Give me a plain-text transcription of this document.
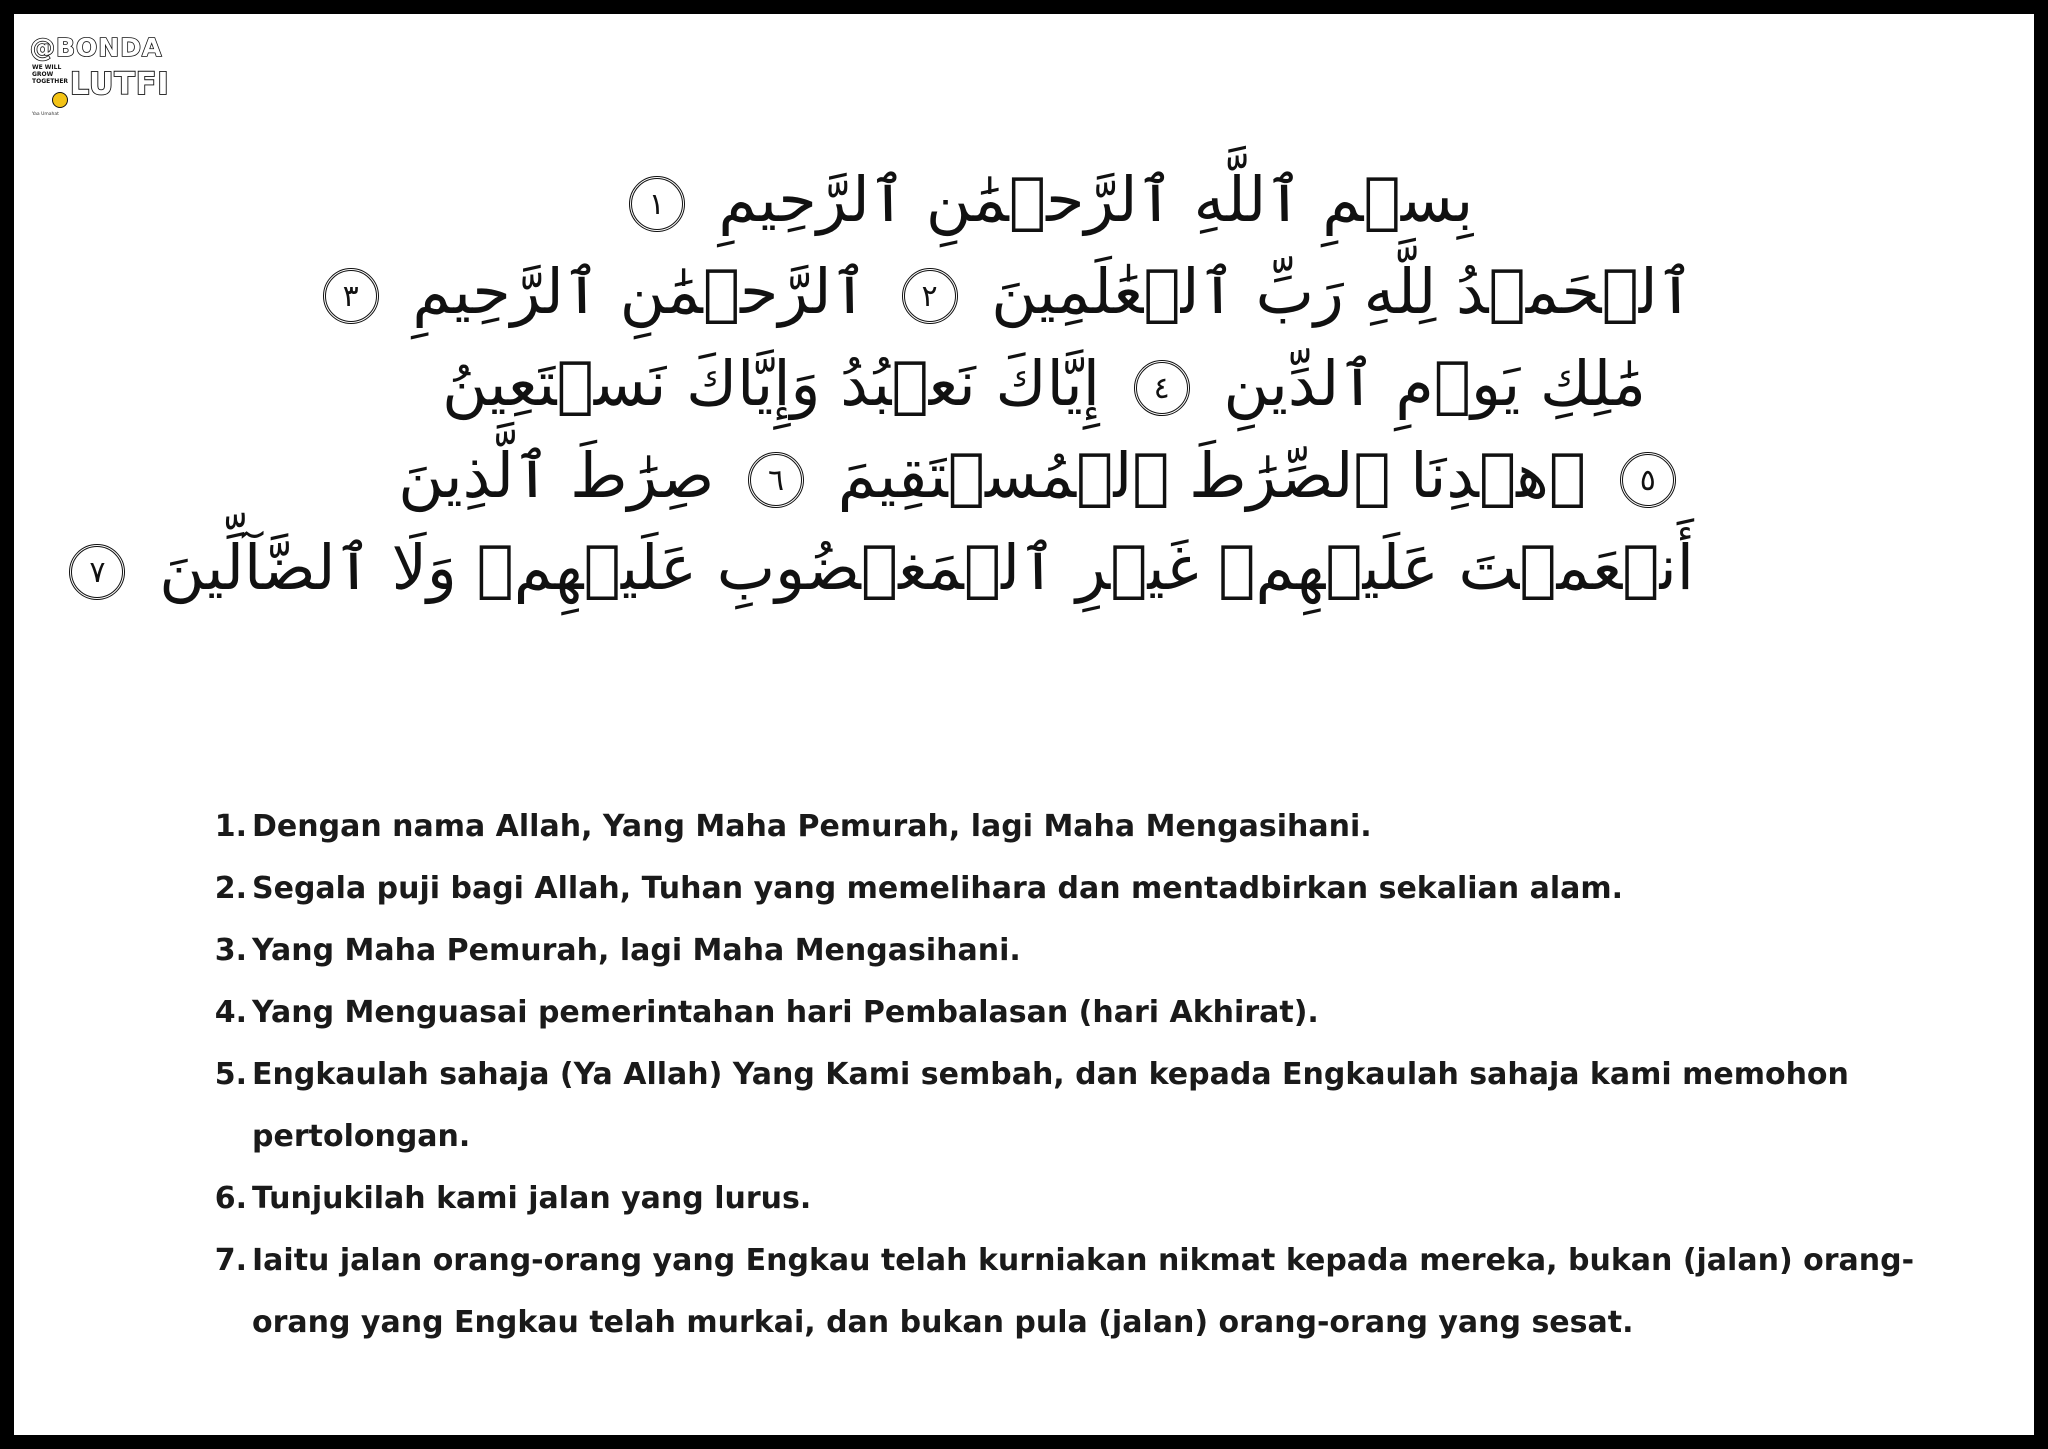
@BONDA
WE WILL GROW TOGETHER LUTFI
Yaa Umahat
بِسۡمِ ٱللَّهِ ٱلرَّحۡمَٰنِ ٱلرَّحِيمِ ١
ٱلۡحَمۡدُ لِلَّهِ رَبِّ ٱلۡعَٰلَمِينَ ٢ ٱلرَّحۡمَٰنِ ٱلرَّحِيمِ ٣
مَٰلِكِ يَوۡمِ ٱلدِّينِ ٤ إِيَّاكَ نَعۡبُدُ وَإِيَّاكَ نَسۡتَعِينُ
٥ ٱهۡدِنَا ٱلصِّرَٰطَ ٱلۡمُسۡتَقِيمَ ٦ صِرَٰطَ ٱلَّذِينَ
أَنۡعَمۡتَ عَلَيۡهِمۡ غَيۡرِ ٱلۡمَغۡضُوبِ عَلَيۡهِمۡ وَلَا ٱلضَّآلِّينَ ٧
1. Dengan nama Allah, Yang Maha Pemurah, lagi Maha Mengasihani.
2. Segala puji bagi Allah, Tuhan yang memelihara dan mentadbirkan sekalian alam.
3. Yang Maha Pemurah, lagi Maha Mengasihani.
4. Yang Menguasai pemerintahan hari Pembalasan (hari Akhirat).
5. Engkaulah sahaja (Ya Allah) Yang Kami sembah, dan kepada Engkaulah sahaja kami memohon pertolongan.
6. Tunjukilah kami jalan yang lurus.
7. Iaitu jalan orang-orang yang Engkau telah kurniakan nikmat kepada mereka, bukan (jalan) orang-orang yang Engkau telah murkai, dan bukan pula (jalan) orang-orang yang sesat.
